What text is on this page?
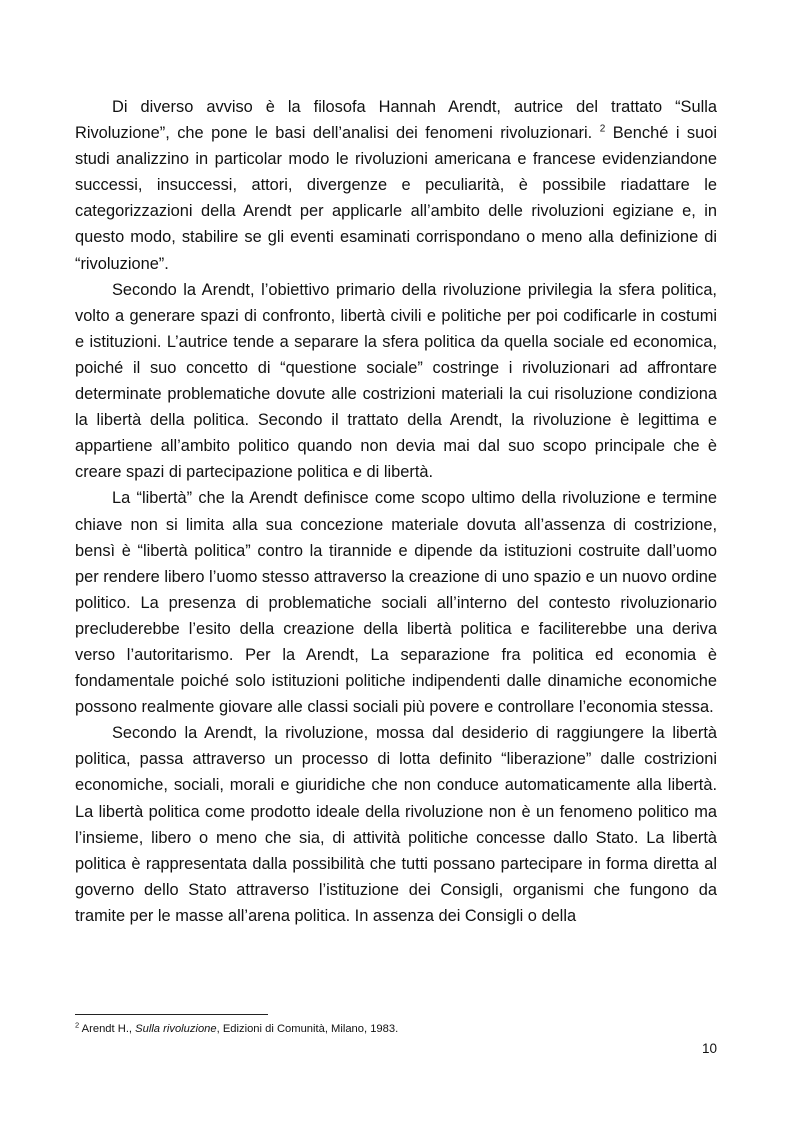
Di diverso avviso è la filosofa Hannah Arendt, autrice del trattato “Sulla Rivoluzione”, che pone le basi dell’analisi dei fenomeni rivoluzionari. $^2$ Benché i suoi studi analizzino in particolar modo le rivoluzioni americana e francese evidenziandone successi, insuccessi, attori, divergenze e peculiarità, è possibile riadattare le categorizzazioni della Arendt per applicarle all’ambito delle rivoluzioni egiziane e, in questo modo, stabilire se gli eventi esaminati corrispondano o meno alla definizione di “rivoluzione”.

Secondo la Arendt, l’obiettivo primario della rivoluzione privilegia la sfera politica, volto a generare spazi di confronto, libertà civili e politiche per poi codificarle in costumi e istituzioni. L’autrice tende a separare la sfera politica da quella sociale ed economica, poiché il suo concetto di “questione sociale” costringe i rivoluzionari ad affrontare determinate problematiche dovute alle costrizioni materiali la cui risoluzione condiziona la libertà della politica. Secondo il trattato della Arendt, la rivoluzione è legittima e appartiene all’ambito politico quando non devia mai dal suo scopo principale che è creare spazi di partecipazione politica e di libertà.

La “libertà” che la Arendt definisce come scopo ultimo della rivoluzione e termine chiave non si limita alla sua concezione materiale dovuta all’assenza di costrizione, bensì è “libertà politica” contro la tirannide e dipende da istituzioni costruite dall’uomo per rendere libero l’uomo stesso attraverso la creazione di uno spazio e un nuovo ordine politico. La presenza di problematiche sociali all’interno del contesto rivoluzionario precluderebbe l’esito della creazione della libertà politica e faciliterebbe una deriva verso l’autoritarismo. Per la Arendt, La separazione fra politica ed economia è fondamentale poiché solo istituzioni politiche indipendenti dalle dinamiche economiche possono realmente giovare alle classi sociali più povere e controllare l’economia stessa.

Secondo la Arendt, la rivoluzione, mossa dal desiderio di raggiungere la libertà politica, passa attraverso un processo di lotta definito “liberazione” dalle costrizioni economiche, sociali, morali e giuridiche che non conduce automaticamente alla libertà. La libertà politica come prodotto ideale della rivoluzione non è un fenomeno politico ma l’insieme, libero o meno che sia, di attività politiche concesse dallo Stato. La libertà politica è rappresentata dalla possibilità che tutti possano partecipare in forma diretta al governo dello Stato attraverso l’istituzione dei Consigli, organismi che fungono da tramite per le masse all’arena politica. In assenza dei Consigli o della

$^2$ Arendt H., Sulla rivoluzione, Edizioni di Comunità, Milano, 1983.
10
